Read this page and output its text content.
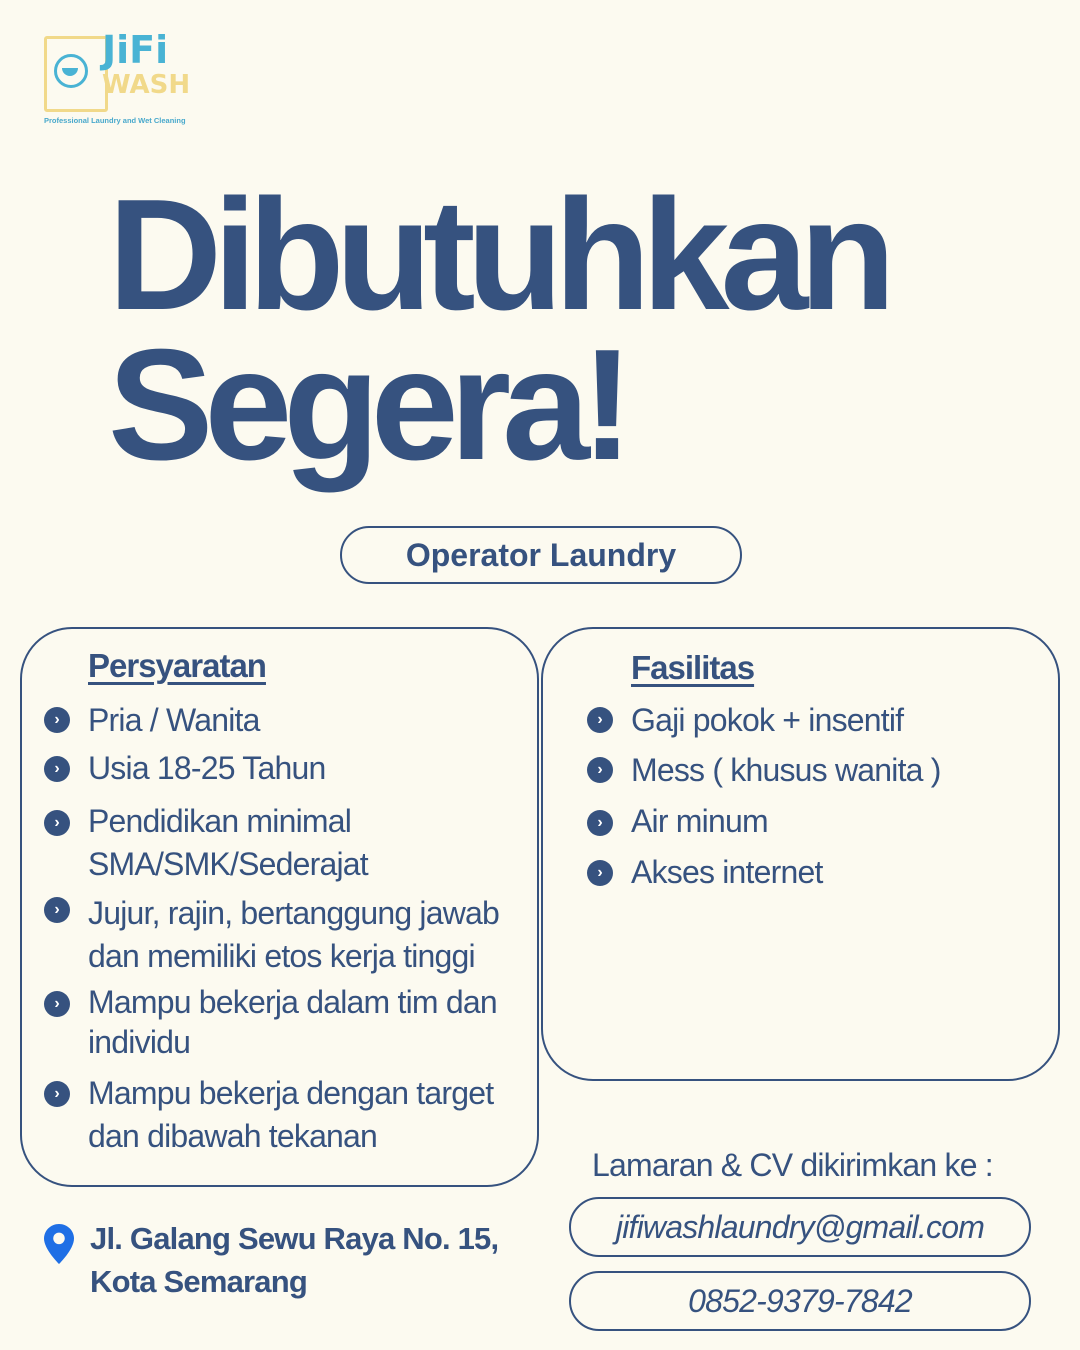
JiFi
WASH
Professional Laundry and Wet Cleaning
Dibutuhkan
Segera!
Operator Laundry
Persyaratan
› Pria / Wanita
› Usia 18-25 Tahun
› Pendidikan minimal
SMA/SMK/Sederajat
› Jujur, rajin, bertanggung jawab
dan memiliki etos kerja tinggi
› Mampu bekerja dalam tim dan
individu
› Mampu bekerja dengan target
dan dibawah tekanan
Fasilitas
› Gaji pokok + insentif
› Mess ( khusus wanita )
› Air minum
› Akses internet
Jl. Galang Sewu Raya No. 15,
Kota Semarang
Lamaran & CV dikirimkan ke :
jifiwashlaundry@gmail.com
0852-9379-7842
